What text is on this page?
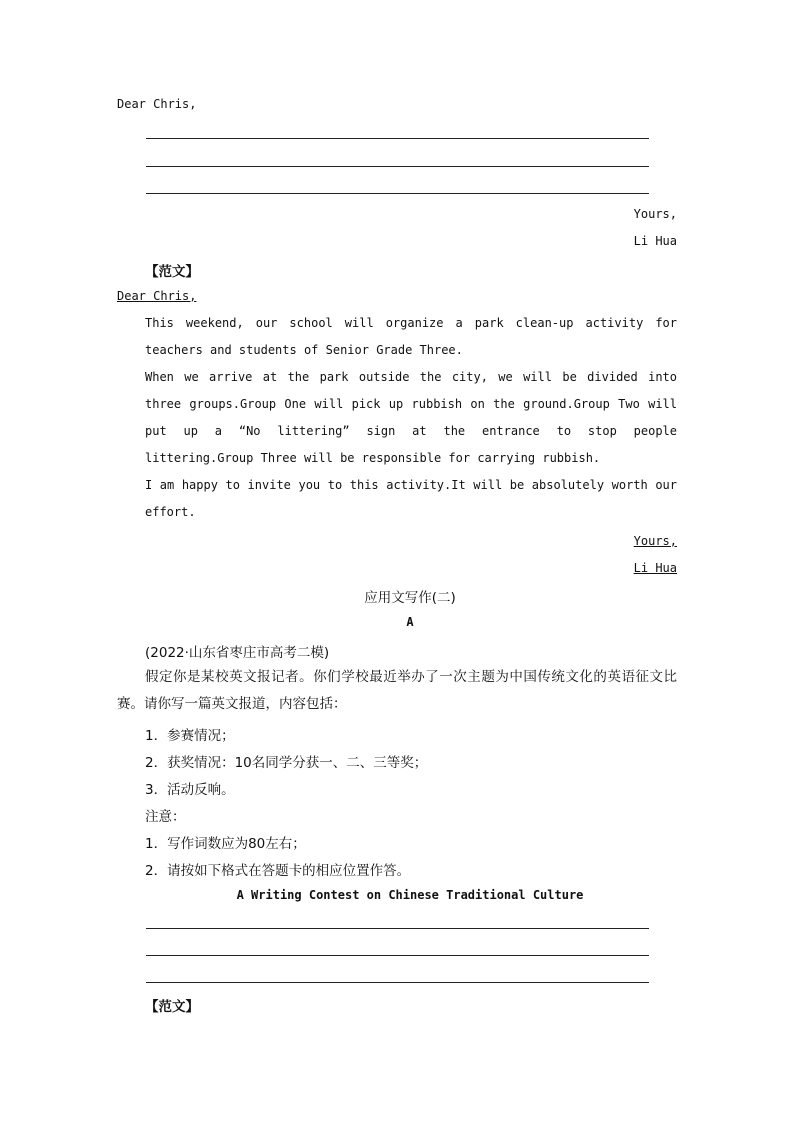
Dear Chris,
Yours,
Li Hua
【范文】
Dear Chris,
This weekend, our school will organize a park clean-up activity for teachers and students of Senior Grade Three.
When we arrive at the park outside the city, we will be divided into three groups.Group One will pick up rubbish on the ground.Group Two will put up a “No littering” sign at the entrance to stop people littering.Group Three will be responsible for carrying rubbish.
I am happy to invite you to this activity.It will be absolutely worth our effort.
Yours,
Li Hua
应用文写作(二)
A
(2022·山东省枣庄市高考二模)
假定你是某校英文报记者。你们学校最近举办了一次主题为中国传统文化的英语征文比赛。请你写一篇英文报道，内容包括：
1．参赛情况；
2．获奖情况：10名同学分获一、二、三等奖；
3．活动反响。
注意：
1．写作词数应为80左右；
2．请按如下格式在答题卡的相应位置作答。
A Writing Contest on Chinese Traditional Culture
【范文】
